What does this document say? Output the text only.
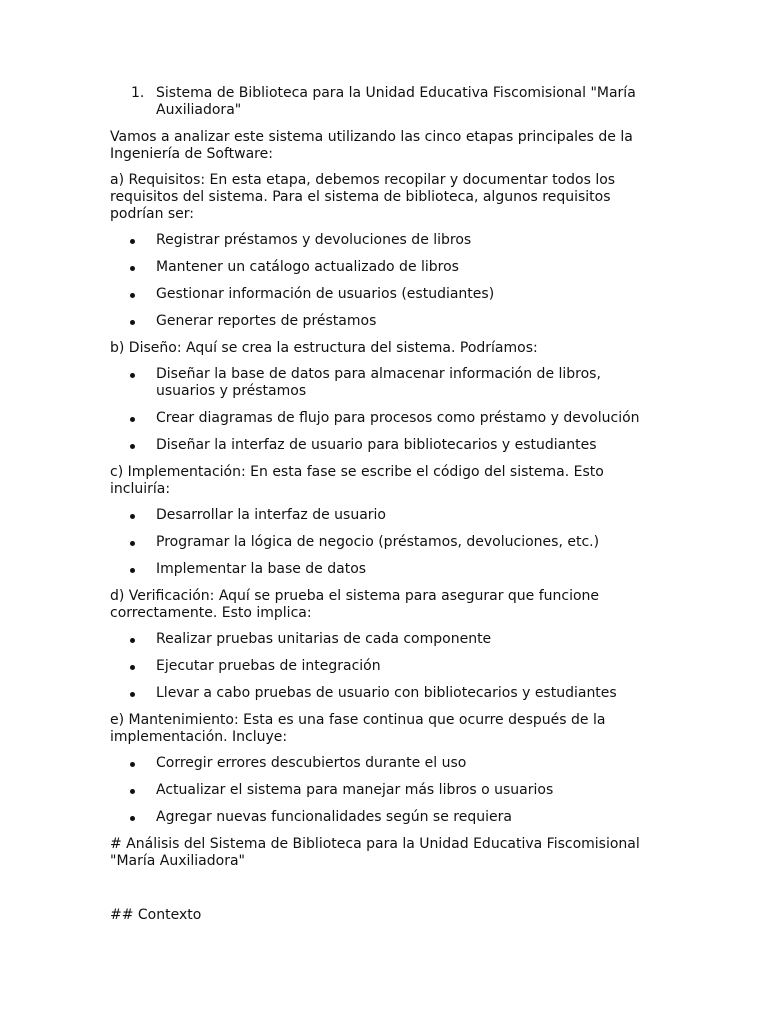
1. Sistema de Biblioteca para la Unidad Educativa Fiscomisional "María Auxiliadora"

Vamos a analizar este sistema utilizando las cinco etapas principales de la Ingeniería de Software:

a) Requisitos: En esta etapa, debemos recopilar y documentar todos los requisitos del sistema. Para el sistema de biblioteca, algunos requisitos podrían ser:

Registrar préstamos y devoluciones de libros
Mantener un catálogo actualizado de libros
Gestionar información de usuarios (estudiantes)
Generar reportes de préstamos

b) Diseño: Aquí se crea la estructura del sistema. Podríamos:

Diseñar la base de datos para almacenar información de libros, usuarios y préstamos
Crear diagramas de flujo para procesos como préstamo y devolución
Diseñar la interfaz de usuario para bibliotecarios y estudiantes

c) Implementación: En esta fase se escribe el código del sistema. Esto incluiría:

Desarrollar la interfaz de usuario
Programar la lógica de negocio (préstamos, devoluciones, etc.)
Implementar la base de datos

d) Verificación: Aquí se prueba el sistema para asegurar que funcione correctamente. Esto implica:

Realizar pruebas unitarias de cada componente
Ejecutar pruebas de integración
Llevar a cabo pruebas de usuario con bibliotecarios y estudiantes

e) Mantenimiento: Esta es una fase continua que ocurre después de la implementación. Incluye:

Corregir errores descubiertos durante el uso
Actualizar el sistema para manejar más libros o usuarios
Agregar nuevas funcionalidades según se requiera

# Análisis del Sistema de Biblioteca para la Unidad Educativa Fiscomisional "María Auxiliadora"

## Contexto
